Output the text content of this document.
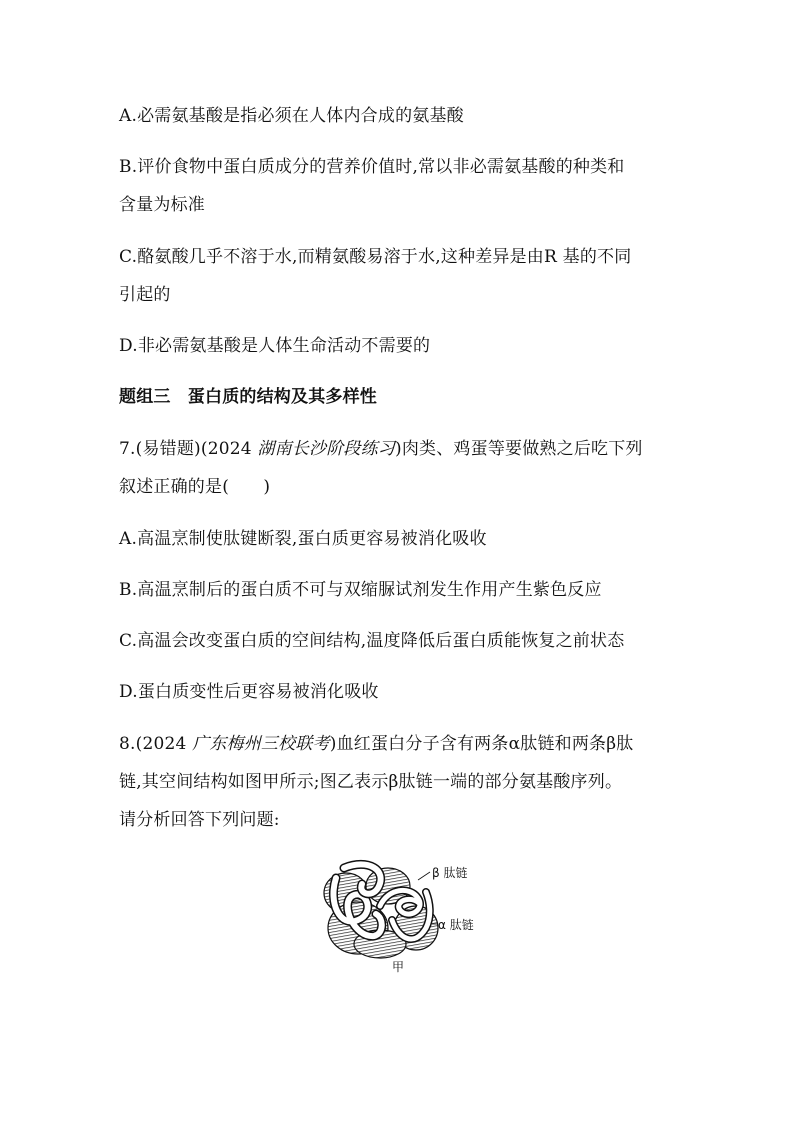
A.必需氨基酸是指必须在人体内合成的氨基酸
B.评价食物中蛋白质成分的营养价值时,常以非必需氨基酸的种类和
含量为标准
C.酪氨酸几乎不溶于水,而精氨酸易溶于水,这种差异是由R 基的不同
引起的
D.非必需氨基酸是人体生命活动不需要的
题组三　蛋白质的结构及其多样性
7.(易错题)(2024 湖南长沙阶段练习)肉类、鸡蛋等要做熟之后吃下列
叙述正确的是(　　)
A.高温烹制使肽键断裂,蛋白质更容易被消化吸收
B.高温烹制后的蛋白质不可与双缩脲试剂发生作用产生紫色反应
C.高温会改变蛋白质的空间结构,温度降低后蛋白质能恢复之前状态
D.蛋白质变性后更容易被消化吸收
8.(2024 广东梅州三校联考)血红蛋白分子含有两条α肽链和两条β肽
链,其空间结构如图甲所示;图乙表示β肽链一端的部分氨基酸序列。
请分析回答下列问题:
β 肽链
α 肽链
甲
